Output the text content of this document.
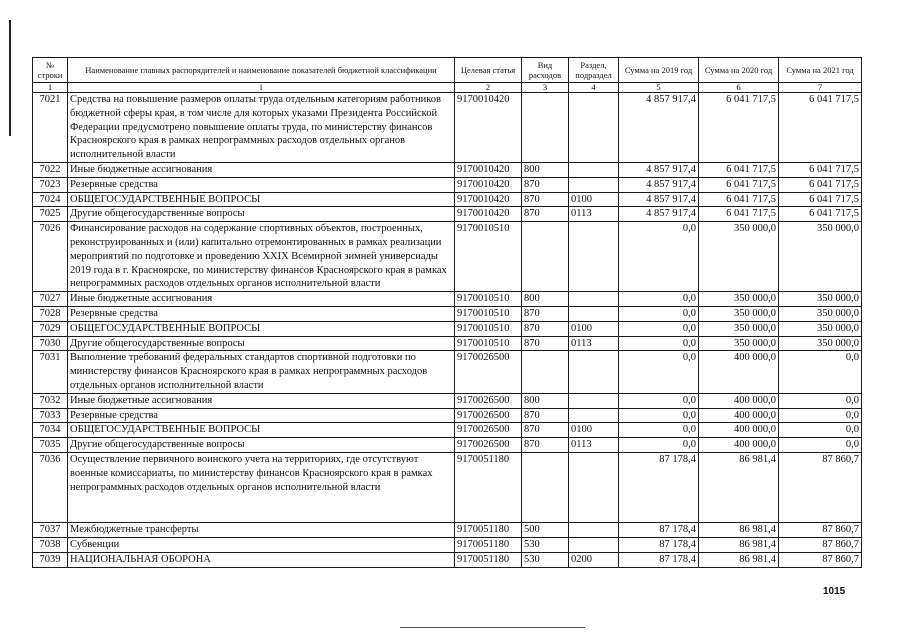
№ строки	Наименование главных распорядителей и наименование показателей бюджетной классификации	Целевая статья	Вид расходов	Раздел, подраздел	Сумма на 2019 год	Сумма на 2020 год	Сумма на 2021 год
1	1	2	3	4	5	6	7
7021	Средства на повышение размеров оплаты труда отдельным категориям работников бюджетной сферы края, в том числе для которых указами Президента Российской Федерации предусмотрено повышение оплаты труда, по министерству финансов Красноярского края в рамках непрограммных расходов отдельных органов исполнительной власти	9170010420			4 857 917,4	6 041 717,5	6 041 717,5
7022	Иные бюджетные ассигнования	9170010420	800		4 857 917,4	6 041 717,5	6 041 717,5
7023	Резервные средства	9170010420	870		4 857 917,4	6 041 717,5	6 041 717,5
7024	ОБЩЕГОСУДАРСТВЕННЫЕ ВОПРОСЫ	9170010420	870	0100	4 857 917,4	6 041 717,5	6 041 717,5
7025	Другие общегосударственные вопросы	9170010420	870	0113	4 857 917,4	6 041 717,5	6 041 717,5
7026	Финансирование расходов на содержание спортивных объектов, построенных, реконструированных и (или) капитально отремонтированных в рамках реализации мероприятий по подготовке и проведению XXIX Всемирной зимней универсиады 2019 года в г. Красноярске, по министерству финансов Красноярского края в рамках непрограммных расходов отдельных органов исполнительной власти	9170010510			0,0	350 000,0	350 000,0
7027	Иные бюджетные ассигнования	9170010510	800		0,0	350 000,0	350 000,0
7028	Резервные средства	9170010510	870		0,0	350 000,0	350 000,0
7029	ОБЩЕГОСУДАРСТВЕННЫЕ ВОПРОСЫ	9170010510	870	0100	0,0	350 000,0	350 000,0
7030	Другие общегосударственные вопросы	9170010510	870	0113	0,0	350 000,0	350 000,0
7031	Выполнение требований федеральных стандартов спортивной подготовки по министерству финансов Красноярского края в рамках непрограммных расходов отдельных органов исполнительной власти	9170026500			0,0	400 000,0	0,0
7032	Иные бюджетные ассигнования	9170026500	800		0,0	400 000,0	0,0
7033	Резервные средства	9170026500	870		0,0	400 000,0	0,0
7034	ОБЩЕГОСУДАРСТВЕННЫЕ ВОПРОСЫ	9170026500	870	0100	0,0	400 000,0	0,0
7035	Другие общегосударственные вопросы	9170026500	870	0113	0,0	400 000,0	0,0
7036	Осуществление первичного воинского учета на территориях, где отсутствуют военные комиссариаты, по министерству финансов Красноярского края в рамках непрограммных расходов отдельных органов исполнительной власти	9170051180			87 178,4	86 981,4	87 860,7
7037	Межбюджетные трансферты	9170051180	500		87 178,4	86 981,4	87 860,7
7038	Субвенции	9170051180	530		87 178,4	86 981,4	87 860,7
7039	НАЦИОНАЛЬНАЯ ОБОРОНА	9170051180	530	0200	87 178,4	86 981,4	87 860,7
1015
